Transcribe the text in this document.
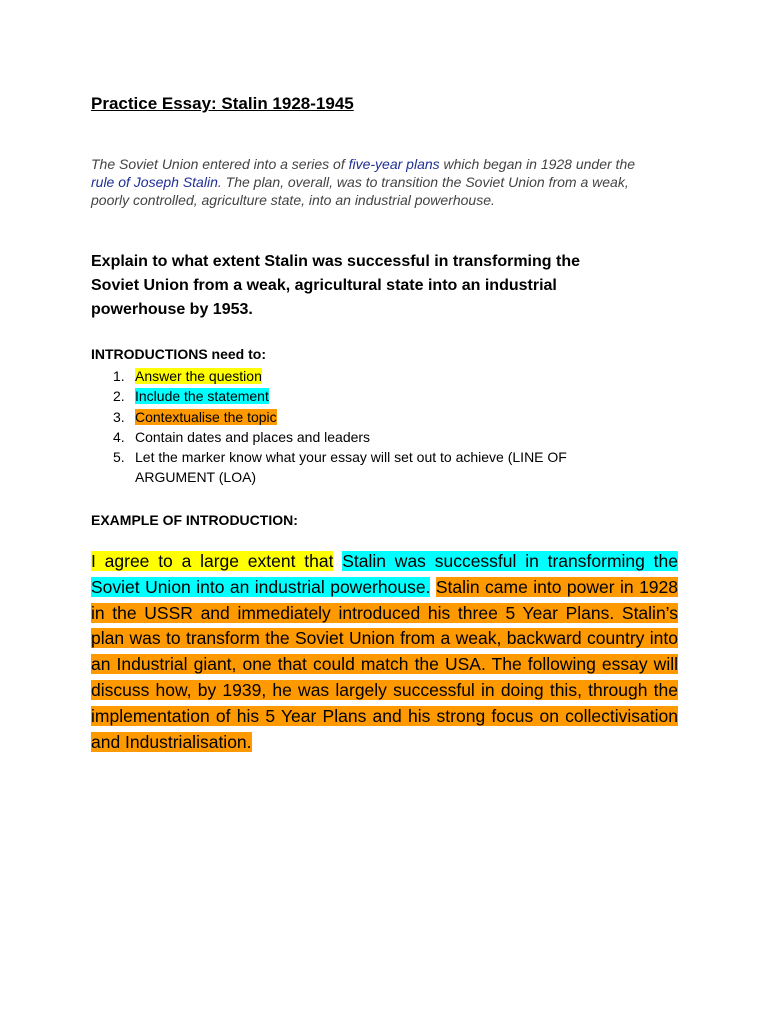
Practice Essay: Stalin 1928-1945
The Soviet Union entered into a series of five-year plans which began in 1928 under the
rule of Joseph Stalin. The plan, overall, was to transition the Soviet Union from a weak,
poorly controlled, agriculture state, into an industrial powerhouse.
Explain to what extent Stalin was successful in transforming the
Soviet Union from a weak, agricultural state into an industrial
powerhouse by 1953.
INTRODUCTIONS need to:
1. Answer the question
2. Include the statement
3. Contextualise the topic
4. Contain dates and places and leaders
5. Let the marker know what your essay will set out to achieve (LINE OF
ARGUMENT (LOA)
EXAMPLE OF INTRODUCTION:
I agree to a large extent that Stalin was successful in transforming the Soviet Union into an industrial powerhouse. Stalin came into power in 1928 in the USSR and immediately introduced his three 5 Year Plans. Stalin’s plan was to transform the Soviet Union from a weak, backward country into an Industrial giant, one that could match the USA. The following essay will discuss how, by 1939, he was largely successful in doing this, through the implementation of his 5 Year Plans and his strong focus on collectivisation and Industrialisation.
